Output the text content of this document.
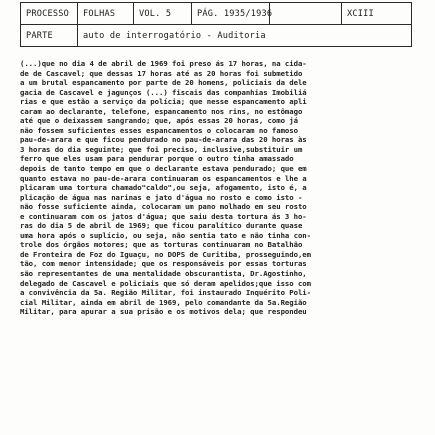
PROCESSO	FOLHAS	VOL. 5	PÁG. 1935/1936	XCIII
PARTE	auto de interrogatório - Auditoria
(...)que no dia 4 de abril de 1969 foi preso ás 17 horas, na cida-
de de Cascavel; que dessas 17 horas até as 20 horas foi submetido
a um brutal espancamento por parte de 20 homens, policiais da dele
gacia de Cascavel e jagunços (...) fiscais das companhias Imobiliá
rias e que estão a serviço da polícia; que nesse espancamento apli
caram ao declarante, telefone, espancamento nos rins, no estômago
até que o deixassem sangrando; que, após essas 20 horas, como já
não fossem suficientes esses espancamentos o colocaram no famoso
pau-de-arara e que ficou pendurado no pau-de-arara das 20 horas às
3 horas do dia seguinte; que foi preciso, inclusive,substituir um
ferro que eles usam para pendurar porque o outro tinha amassado
depois de tanto tempo em que o declarante estava pendurado; que em
quanto estava no pau-de-arara continuaram os espancamentos e lhe a
plicaram uma tortura chamado"caldo",ou seja, afogamento, isto é, a
plicação de água nas narinas e jato d'água no rosto e como isto -
não fosse suficiente ainda, colocaram um pano molhado em seu rosto
e continuaram com os jatos d'água; que saiu desta tortura ás 3 ho-
ras do dia 5 de abril de 1969; que ficou paralítico durante quase
uma hora após o suplício, ou seja, não sentia tato e não tinha con-
trole dos órgãos motores; que as torturas continuaram no Batalhão
de Fronteira de Foz do Iguaçu, no DOPS de Curitiba, prosseguindo,em
tão, com menor intensidade; que os responsáveis por essas torturas
são representantes de uma mentalidade obscurantista, Dr.Agostinho,
delegado de Cascavel e policiais que só deram apelidos;que isso com
a convivência da 5a. Região Militar, foi instaurado Inquérito Poli-
cial Militar, ainda em abril de 1969, pelo comandante da 5a.Região
Militar, para apurar a sua prisão e os motivos dela; que respondeu
